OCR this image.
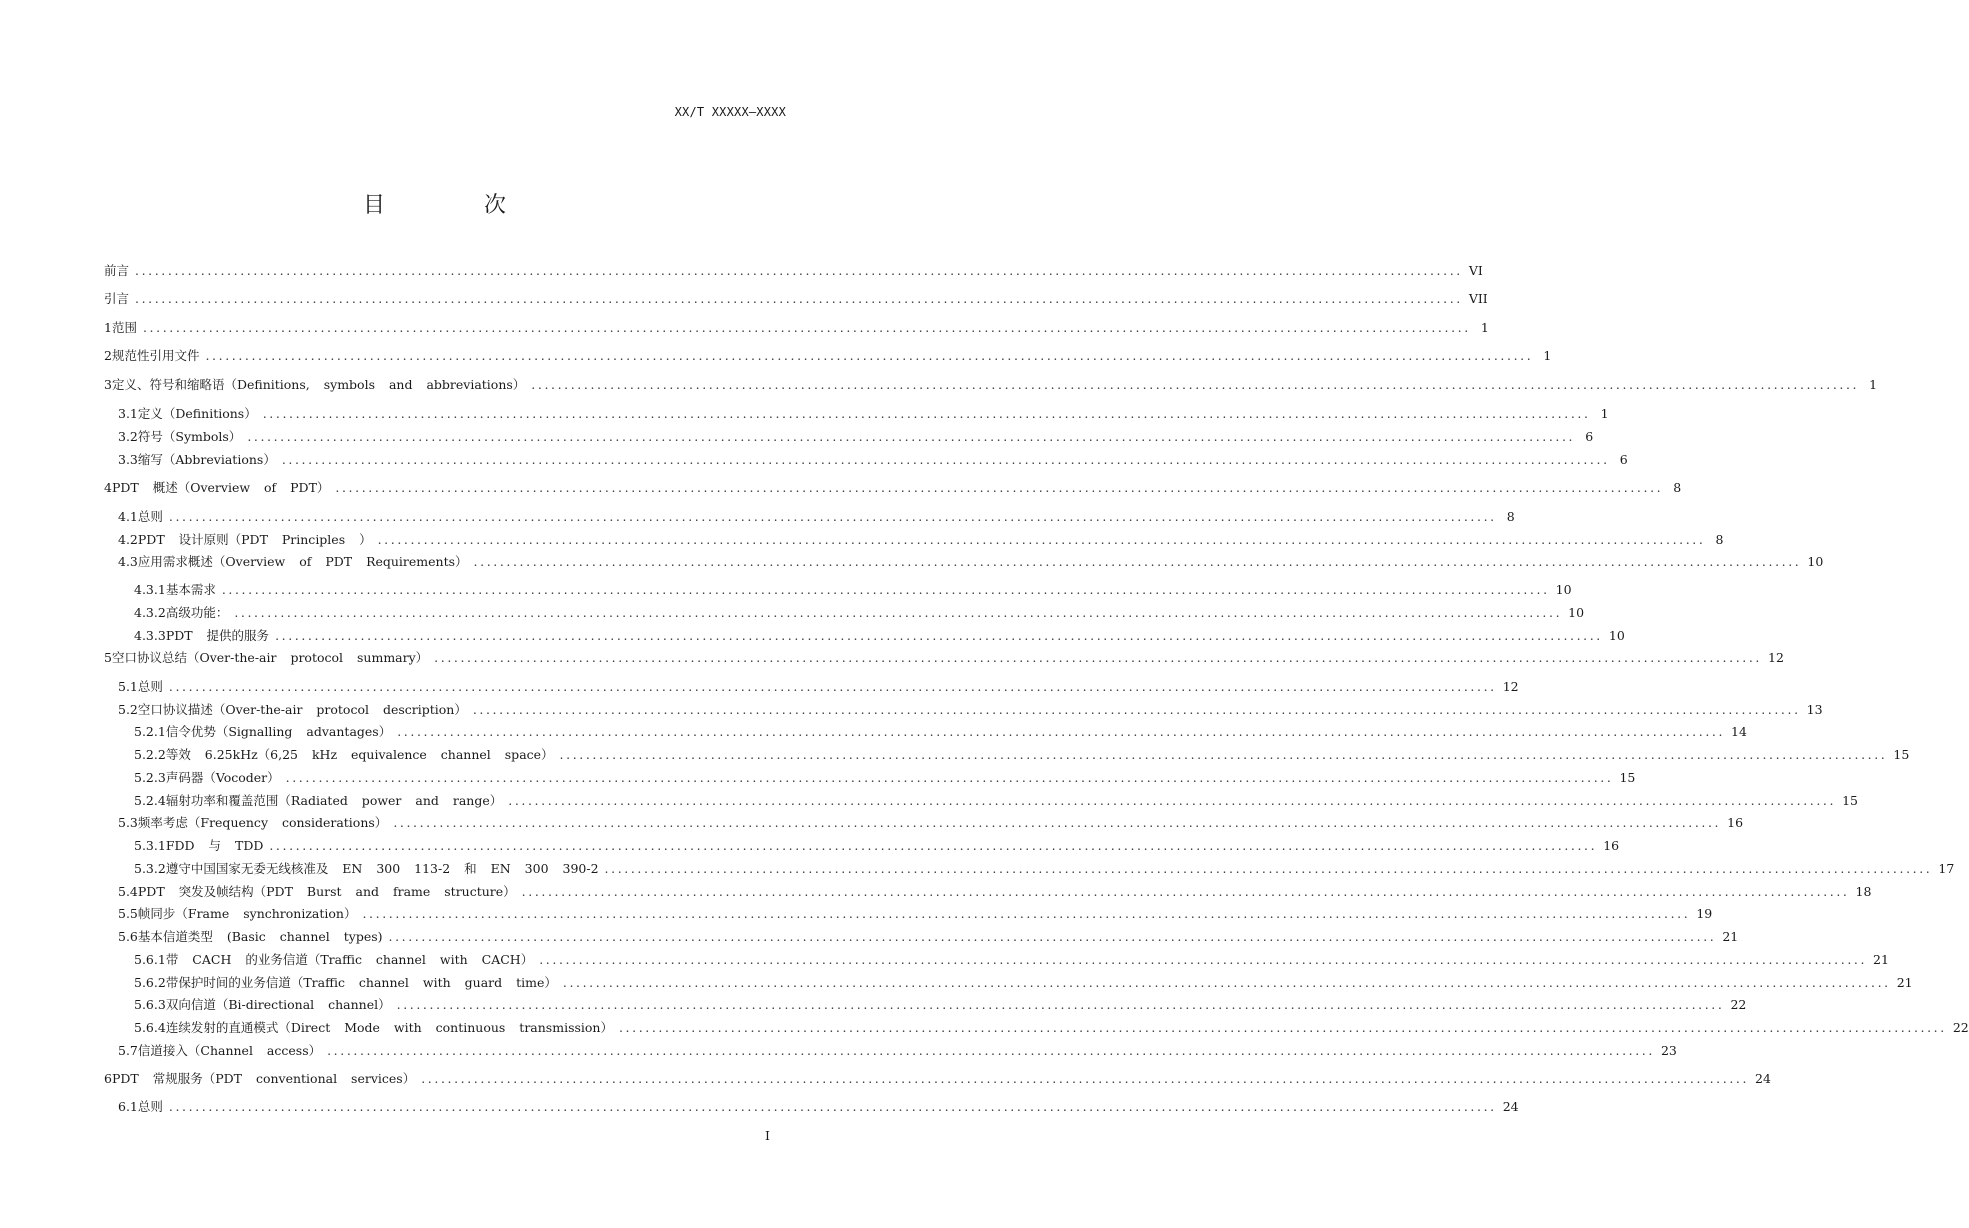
XX/T XXXXX—XXXX
目 次
前言 .....	VI
引言 .....	VII
1 范围 .....	1
2 规范性引用文件 .....	1
3 定义、符号和缩略语（Definitions, symbols and abbreviations） .....	1
3.1 定义（Definitions） .....	1
3.2 符号（Symbols） .....	6
3.3 缩写（Abbreviations） .....	6
4 PDT 概述（Overview of PDT） .....	8
4.1 总则 .....	8
4.2 PDT 设计原则（PDT Principles ） .....	8
4.3 应用需求概述（Overview of PDT Requirements） .....	10
4.3.1 基本需求 .....	10
4.3.2 高级功能： .....	10
4.3.3 PDT 提供的服务 .....	10
5 空口协议总结（Over-the-air protocol summary） .....	12
5.1 总则 .....	12
5.2 空口协议描述（Over-the-air protocol description） .....	13
5.2.1 信令优势（Signalling advantages） .....	14
5.2.2 等效 6.25kHz（6,25 kHz equivalence channel space） .....	15
5.2.3 声码器（Vocoder） .....	15
5.2.4 辐射功率和覆盖范围（Radiated power and range） .....	15
5.3 频率考虑（Frequency considerations） .....	16
5.3.1 FDD 与 TDD .....	16
5.3.2 遵守中国国家无委无线核准及 EN 300 113-2 和 EN 300 390-2 .....	17
5.4 PDT 突发及帧结构（PDT Burst and frame structure） .....	18
5.5 帧同步（Frame synchronization） .....	19
5.6 基本信道类型 (Basic channel types) .....	21
5.6.1 带 CACH 的业务信道（Traffic channel with CACH） .....	21
5.6.2 带保护时间的业务信道（Traffic channel with guard time） .....	21
5.6.3 双向信道（Bi-directional channel） .....	22
5.6.4 连续发射的直通模式（Direct Mode with continuous transmission） .....	22
5.7 信道接入（Channel access） .....	23
6 PDT 常规服务（PDT conventional services） .....	24
6.1 总则 .....	24
I
